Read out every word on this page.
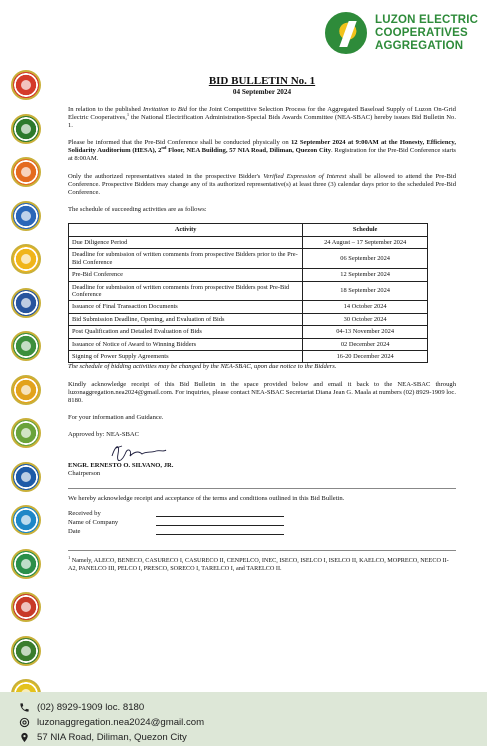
LUZON ELECTRIC
COOPERATIVES
AGGREGATION
BID BULLETIN No. 1
04 September 2024

In relation to the published Invitation to Bid for the Joint Competitive Selection Process for the Aggregated Baseload Supply of Luzon On-Grid Electric Cooperatives,$^1$ the National Electrification Administration-Special Bids Awards Committee (NEA-SBAC) hereby issues Bid Bulletin No. 1.

Please be informed that the Pre-Bid Conference shall be conducted physically on 12 September 2024 at 9:00AM at the Honesty, Efficiency, Solidarity Auditorium (HESA), 2nd Floor, NEA Building, 57 NIA Road, Diliman, Quezon City. Registration for the Pre-Bid Conference starts at 8:00AM.

Only the authorized representatives stated in the prospective Bidder's Verified Expression of Interest shall be allowed to attend the Pre-Bid Conference. Prospective Bidders may change any of its authorized representative(s) at least three (3) calendar days prior to the scheduled Pre-Bid Conference.

The schedule of succeeding activities are as follows:

Activity	Schedule
Due Diligence Period	24 August – 17 September 2024
Deadline for submission of written comments from prospective Bidders prior to the Pre-Bid Conference	06 September 2024
Pre-Bid Conference	12 September 2024
Deadline for submission of written comments from prospective Bidders post Pre-Bid Conference	18 September 2024
Issuance of Final Transaction Documents	14 October 2024
Bid Submission Deadline, Opening, and Evaluation of Bids	30 October 2024
Post Qualification and Detailed Evaluation of Bids	04-13 November 2024
Issuance of Notice of Award to Winning Bidders	02 December 2024
Signing of Power Supply Agreements	16-20 December 2024

The schedule of bidding activities may be changed by the NEA-SBAC, upon due notice to the Bidders.

Kindly acknowledge receipt of this Bid Bulletin in the space provided below and email it back to the NEA-SBAC through luzonaggregation.nea2024@gmail.com. For inquiries, please contact NEA-SBAC Secretariat Diana Jean G. Maala at numbers (02) 8929-1909 loc. 8180.

For your information and Guidance.

Approved by: NEA-SBAC

ENGR. ERNESTO O. SILVANO, JR.
Chairperson

We hereby acknowledge receipt and acceptance of the terms and conditions outlined in this Bid Bulletin.

Received by
Name of Company
Date

$^1$ Namely, ALECO, BENECO, CASURECO I, CASURECO II, CENPELCO, INEC, ISECO, ISELCO I, ISELCO II, KAELCO, MOPRECO, NEECO II-A2, PANELCO III, PELCO I, PRESCO, SORECO I, TARELCO I, and TARELCO II.

(02) 8929-1909 loc. 8180
luzonaggregation.nea2024@gmail.com
57 NIA Road, Diliman, Quezon City
